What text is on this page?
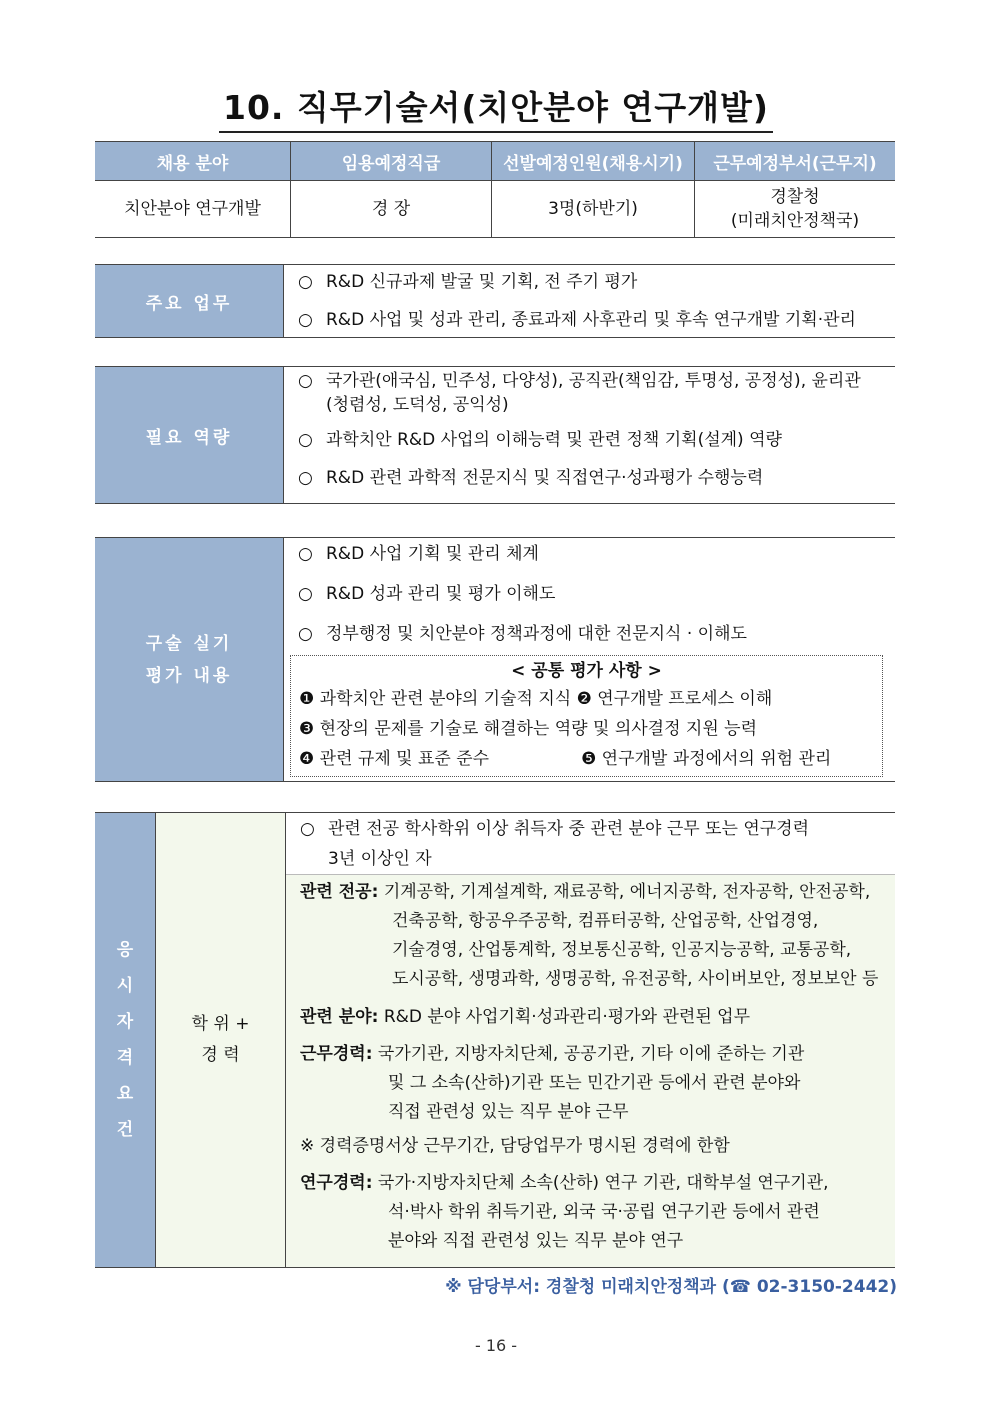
10. 직무기술서(치안분야 연구개발)
채용 분야	임용예정직급	선발예정인원(채용시기)	근무예정부서(근무지)
치안분야 연구개발	경 장	3명(하반기)	경찰청
(미래치안정책국)
주요 업무	
○ R&D 신규과제 발굴 및 기획, 전 주기 평가
○ R&D 사업 및 성과 관리, 종료과제 사후관리 및 후속 연구개발 기획·관리
필요 역량	
○ 국가관(애국심, 민주성, 다양성), 공직관(책임감, 투명성, 공정성), 윤리관 (청렴성, 도덕성, 공익성)
○ 과학치안 R&D 사업의 이해능력 및 관련 정책 기획(설계) 역량
○ R&D 관련 과학적 전문지식 및 직접연구·성과평가 수행능력
구술 실기
평가 내용

○ R&D 사업 기획 및 관리 체계
○ R&D 성과 관리 및 평가 이해도
○ 정부행정 및 치안분야 정책과정에 대한 전문지식 · 이해도
< 공통 평가 사항 >
❶ 과학치안 관련 분야의 기술적 지식 ❷ 연구개발 프로세스 이해
❸ 현장의 문제를 기술로 해결하는 역량 및 의사결정 지원 능력
❹ 관련 규제 및 표준 준수	❺ 연구개발 과정에서의 위험 관리
응
시
자
격
요
건

학 위 +
경 력

○ 관련 전공 학사학위 이상 취득자 중 관련 분야 근무 또는 연구경력
3년 이상인 자

관련 전공: 기계공학, 기계설계학, 재료공학, 에너지공학, 전자공학, 안전공학,
건축공학, 항공우주공학, 컴퓨터공학, 산업공학, 산업경영,
기술경영, 산업통계학, 정보통신공학, 인공지능공학, 교통공학,
도시공학, 생명과학, 생명공학, 유전공학, 사이버보안, 정보보안 등
관련 분야: R&D 분야 사업기획·성과관리·평가와 관련된 업무
근무경력: 국가기관, 지방자치단체, 공공기관, 기타 이에 준하는 기관
및 그 소속(산하)기관 또는 민간기관 등에서 관련 분야와
직접 관련성 있는 직무 분야 근무
※ 경력증명서상 근무기간, 담당업무가 명시된 경력에 한함
연구경력: 국가·지방자치단체 소속(산하) 연구 기관, 대학부설 연구기관,
석·박사 학위 취득기관, 외국 국·공립 연구기관 등에서 관련
분야와 직접 관련성 있는 직무 분야 연구
※ 담당부서: 경찰청 미래치안정책과 (☎ 02-3150-2442)
- 16 -
